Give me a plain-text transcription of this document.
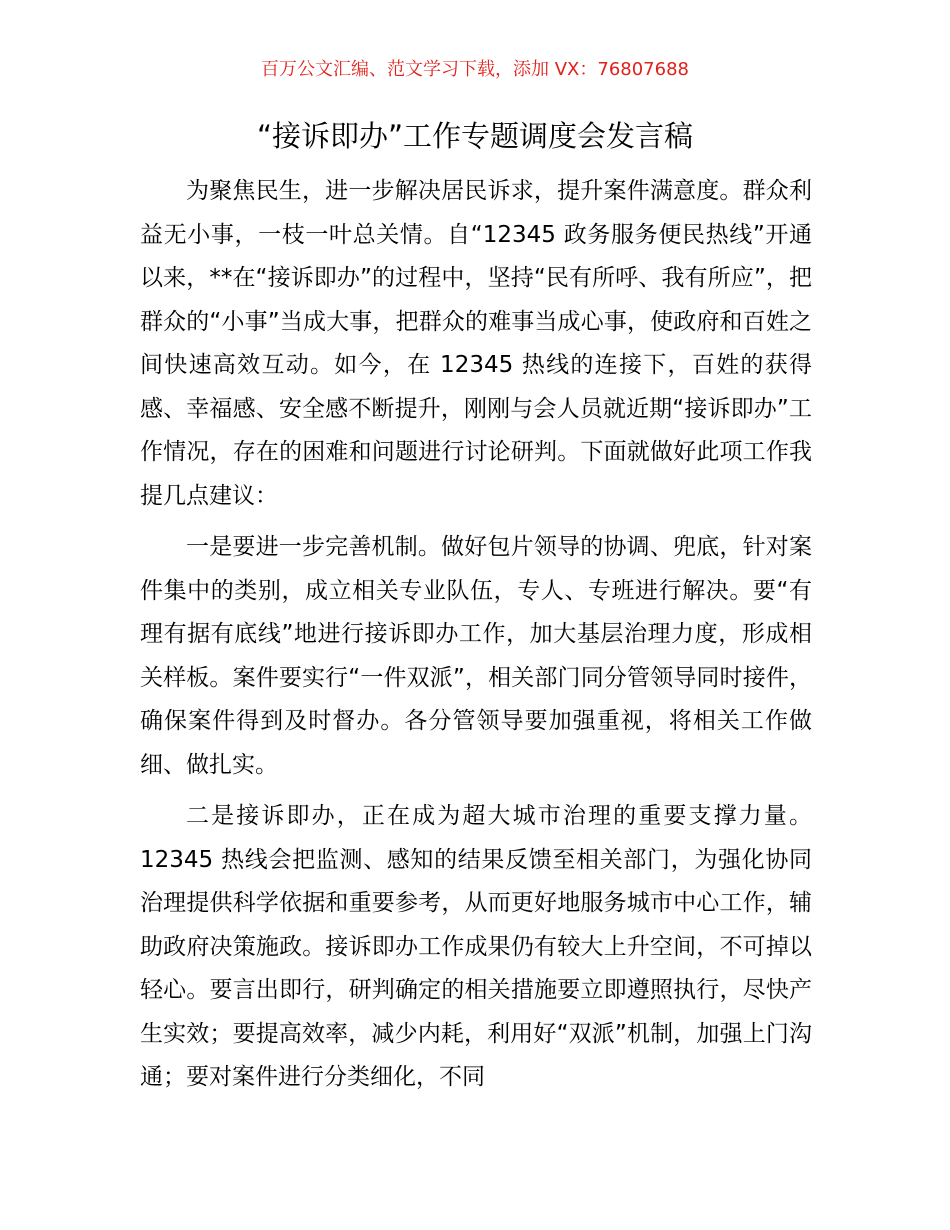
百万公文汇编、范文学习下载，添加 VX：76807688
“接诉即办”工作专题调度会发言稿

为聚焦民生，进一步解决居民诉求，提升案件满意度。群众利益无小事，一枝一叶总关情。自“12345 政务服务便民热线”开通以来，**在“接诉即办”的过程中，坚持“民有所呼、我有所应”，把群众的“小事”当成大事，把群众的难事当成心事，使政府和百姓之间快速高效互动。如今，在 12345 热线的连接下，百姓的获得感、幸福感、安全感不断提升，刚刚与会人员就近期“接诉即办”工作情况，存在的困难和问题进行讨论研判。下面就做好此项工作我提几点建议：

一是要进一步完善机制。做好包片领导的协调、兜底，针对案件集中的类别，成立相关专业队伍，专人、专班进行解决。要“有理有据有底线”地进行接诉即办工作，加大基层治理力度，形成相关样板。案件要实行“一件双派”，相关部门同分管领导同时接件，确保案件得到及时督办。各分管领导要加强重视，将相关工作做细、做扎实。

二是接诉即办，正在成为超大城市治理的重要支撑力量。12345 热线会把监测、感知的结果反馈至相关部门，为强化协同治理提供科学依据和重要参考，从而更好地服务城市中心工作，辅助政府决策施政。接诉即办工作成果仍有较大上升空间，不可掉以轻心。要言出即行，研判确定的相关措施要立即遵照执行，尽快产生实效；要提高效率，减少内耗，利用好“双派”机制，加强上门沟通；要对案件进行分类细化，不同
